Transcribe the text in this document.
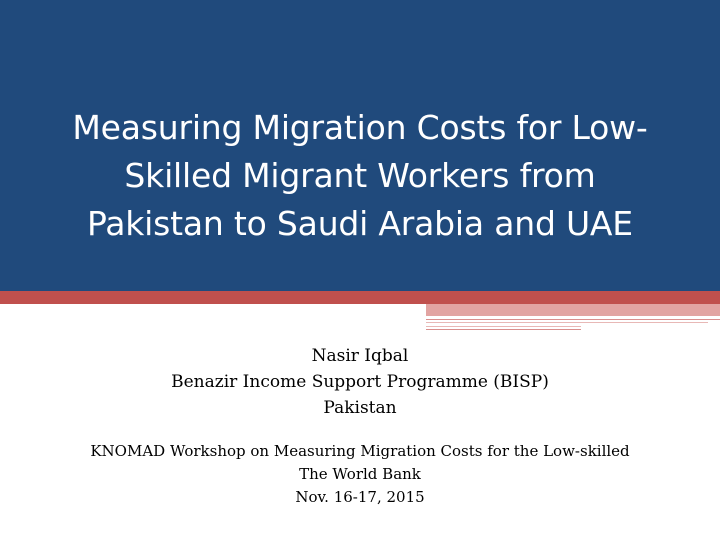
Measuring Migration Costs for Low-
Skilled Migrant Workers from
Pakistan to Saudi Arabia and UAE
Nasir Iqbal
Benazir Income Support Programme (BISP)
Pakistan
KNOMAD Workshop on Measuring Migration Costs for the Low-skilled
The World Bank
Nov. 16-17, 2015
